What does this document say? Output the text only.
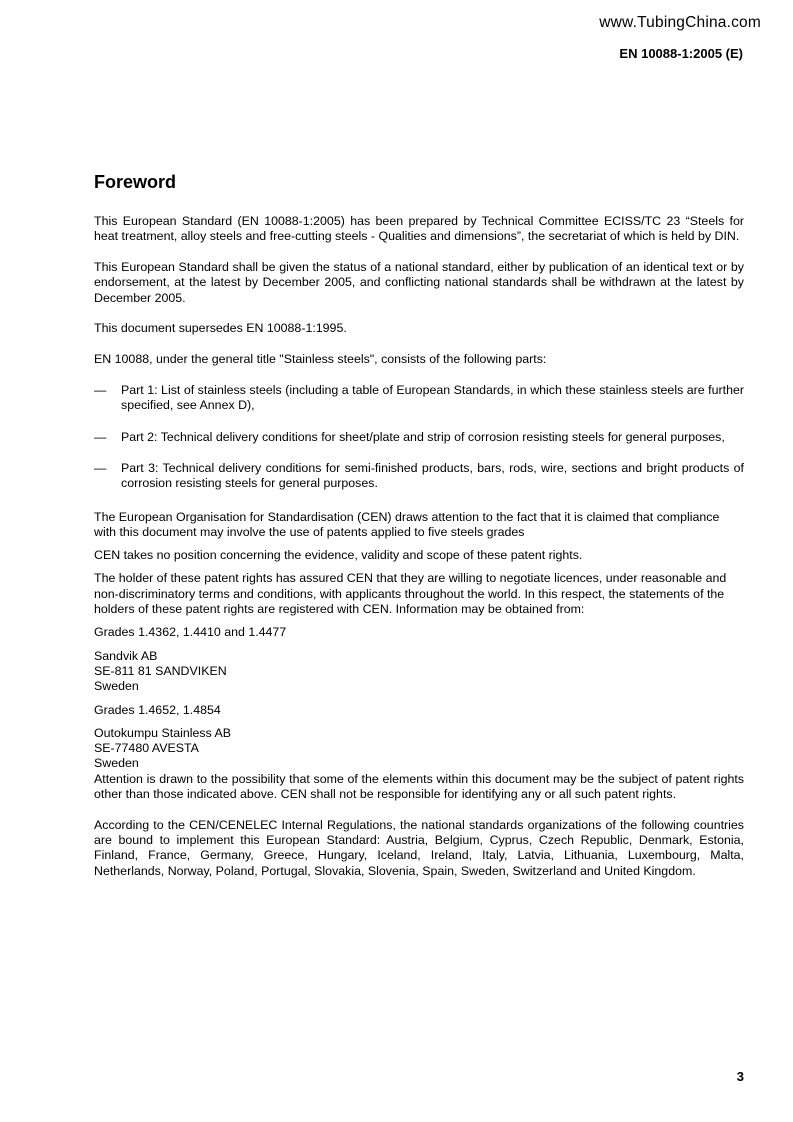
www.TubingChina.com
EN 10088-1:2005 (E)
Foreword

This European Standard (EN 10088-1:2005) has been prepared by Technical Committee ECISS/TC 23 “Steels for heat treatment, alloy steels and free-cutting steels - Qualities and dimensions”, the secretariat of which is held by DIN.

This European Standard shall be given the status of a national standard, either by publication of an identical text or by endorsement, at the latest by December 2005, and conflicting national standards shall be withdrawn at the latest by December 2005.

This document supersedes EN 10088-1:1995.

EN 10088, under the general title "Stainless steels", consists of the following parts:

—	Part 1: List of stainless steels (including a table of European Standards, in which these stainless steels are further specified, see Annex D),
—	Part 2: Technical delivery conditions for sheet/plate and strip of corrosion resisting steels for general purposes,
—	Part 3: Technical delivery conditions for semi-finished products, bars, rods, wire, sections and bright products of corrosion resisting steels for general purposes.

The European Organisation for Standardisation (CEN) draws attention to the fact that it is claimed that compliance with this document may involve the use of patents applied to five steels grades

CEN takes no position concerning the evidence, validity and scope of these patent rights.

The holder of these patent rights has assured CEN that they are willing to negotiate licences, under reasonable and non-discriminatory terms and conditions, with applicants throughout the world. In this respect, the statements of the holders of these patent rights are registered with CEN. Information may be obtained from:

Grades 1.4362, 1.4410 and 1.4477

Sandvik AB
SE-811 81 SANDVIKEN
Sweden

Grades 1.4652, 1.4854

Outokumpu Stainless AB
SE-77480 AVESTA
Sweden

Attention is drawn to the possibility that some of the elements within this document may be the subject of patent rights other than those indicated above. CEN shall not be responsible for identifying any or all such patent rights.

According to the CEN/CENELEC Internal Regulations, the national standards organizations of the following countries are bound to implement this European Standard: Austria, Belgium, Cyprus, Czech Republic, Denmark, Estonia, Finland, France, Germany, Greece, Hungary, Iceland, Ireland, Italy, Latvia, Lithuania, Luxembourg, Malta, Netherlands, Norway, Poland, Portugal, Slovakia, Slovenia, Spain, Sweden, Switzerland and United Kingdom.

3
